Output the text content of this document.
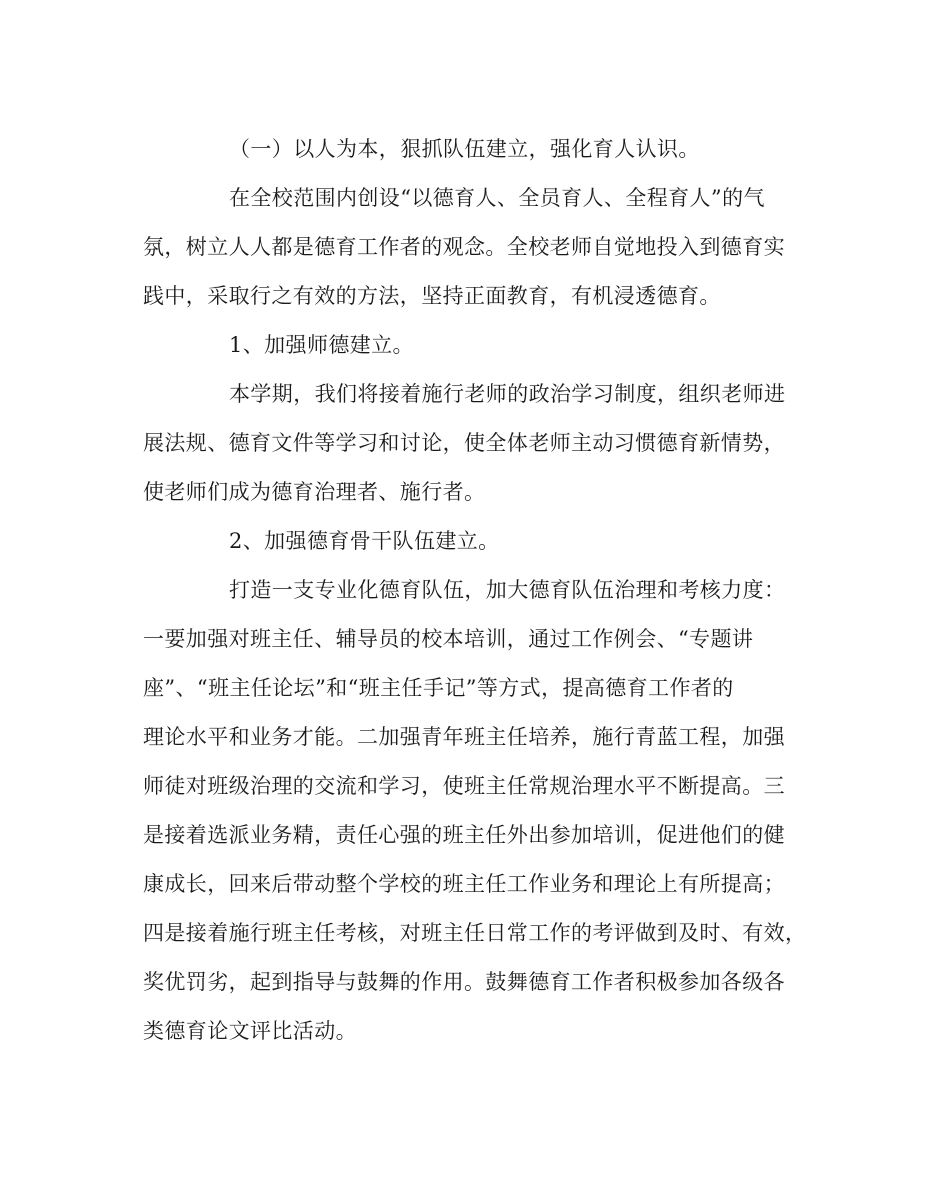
（一）以人为本，狠抓队伍建立，强化育人认识。
在全校范围内创设“以德育人、全员育人、全程育人”的气
氛，树立人人都是德育工作者的观念。全校老师自觉地投入到德育实
践中，采取行之有效的方法，坚持正面教育，有机浸透德育。
1、加强师德建立。
本学期，我们将接着施行老师的政治学习制度，组织老师进
展法规、德育文件等学习和讨论，使全体老师主动习惯德育新情势，
使老师们成为德育治理者、施行者。
2、加强德育骨干队伍建立。
打造一支专业化德育队伍，加大德育队伍治理和考核力度：
一要加强对班主任、辅导员的校本培训，通过工作例会、“专题讲
座”、“班主任论坛”和“班主任手记”等方式，提高德育工作者的
理论水平和业务才能。二加强青年班主任培养，施行青蓝工程，加强
师徒对班级治理的交流和学习，使班主任常规治理水平不断提高。三
是接着选派业务精，责任心强的班主任外出参加培训，促进他们的健
康成长，回来后带动整个学校的班主任工作业务和理论上有所提高；
四是接着施行班主任考核，对班主任日常工作的考评做到及时、有效，
奖优罚劣，起到指导与鼓舞的作用。鼓舞德育工作者积极参加各级各
类德育论文评比活动。
